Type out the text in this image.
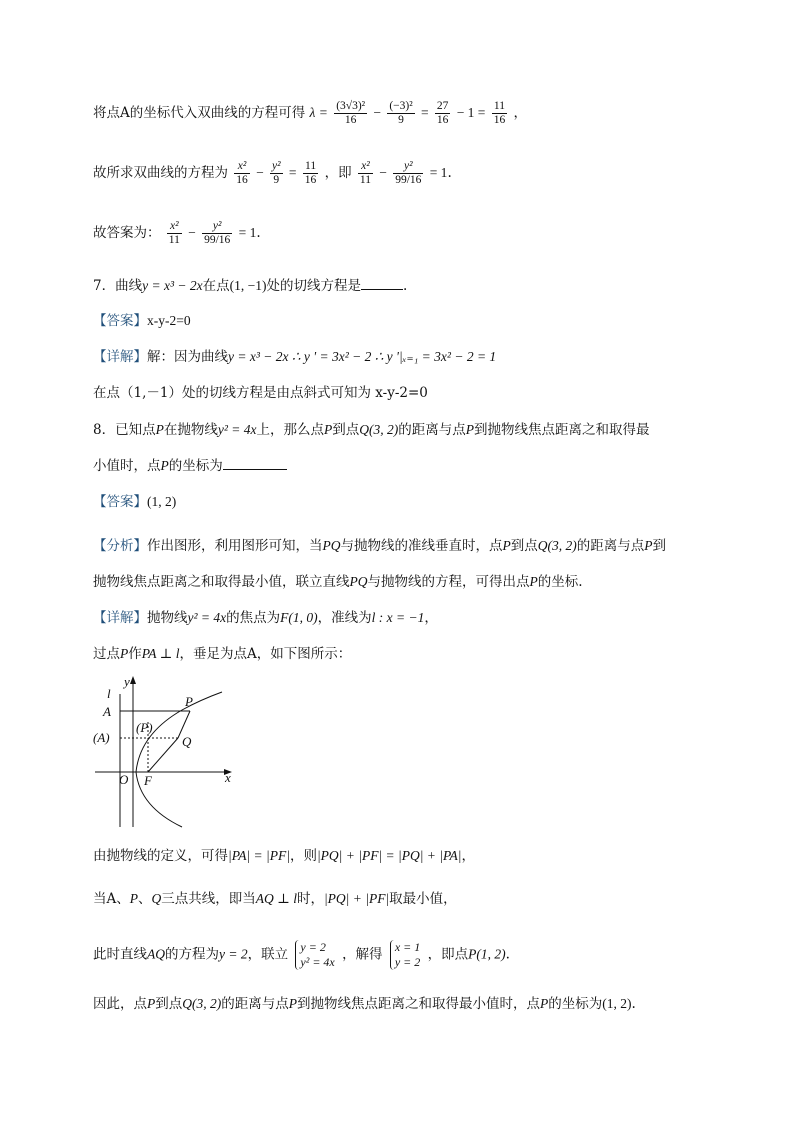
将点A的坐标代入双曲线的方程可得 $\lambda = \frac{\text{(3√3)²}}{16} - \frac{\text{(−3)²}}{9} = \frac{27}{16} - 1 = \frac{11}{16}$ ，
故所求双曲线的方程为 $\frac{\text{x²}}{16} - \frac{\text{y²}}{9} = \frac{11}{16}$ ，即 $\frac{\text{x²}}{11} - \frac{\text{y²}}{99/16} = 1$.
故答案为： $\frac{\text{x²}}{11} - \frac{\text{y²}}{99/16} = 1$.
7．曲线y = x³ − 2x在点(1, −1)处的切线方程是	.
【答案】x-y-2=0
【详解】解：因为曲线y = x³ − 2x ∴ y ' = 3x² − 2 ∴ y '|ₓ₌₁ = 3x² − 2 = 1
在点（1,－1）处的切线方程是由点斜式可知为 x-y-2=0
8．已知点P在抛物线y² = 4x上，那么点P到点Q(3, 2)的距离与点P到抛物线焦点距离之和取得最
小值时，点P的坐标为
【答案】(1, 2)
【分析】作出图形，利用图形可知，当PQ与抛物线的准线垂直时，点P到点Q(3, 2)的距离与点P到
抛物线焦点距离之和取得最小值，联立直线PQ与抛物线的方程，可得出点P的坐标.
【详解】抛物线y² = 4x的焦点为F(1, 0)，准线为l : x = −1，
过点P作PA ⊥ l，垂足为点A，如下图所示：
l
y
A
P
(P)
(A)	Q
O F	x
由抛物线的定义，可得|PA| = |PF|，则|PQ| + |PF| = |PQ| + |PA|，
当A、P、Q三点共线，即当AQ ⊥ l时，|PQ| + |PF|取最小值，
此时直线AQ的方程为y = 2，联立 y = 2
y² = 4x ，解得 x = 1
y = 2 ，即点P(1, 2).
因此，点P到点Q(3, 2)的距离与点P到抛物线焦点距离之和取得最小值时，点P的坐标为(1, 2).
